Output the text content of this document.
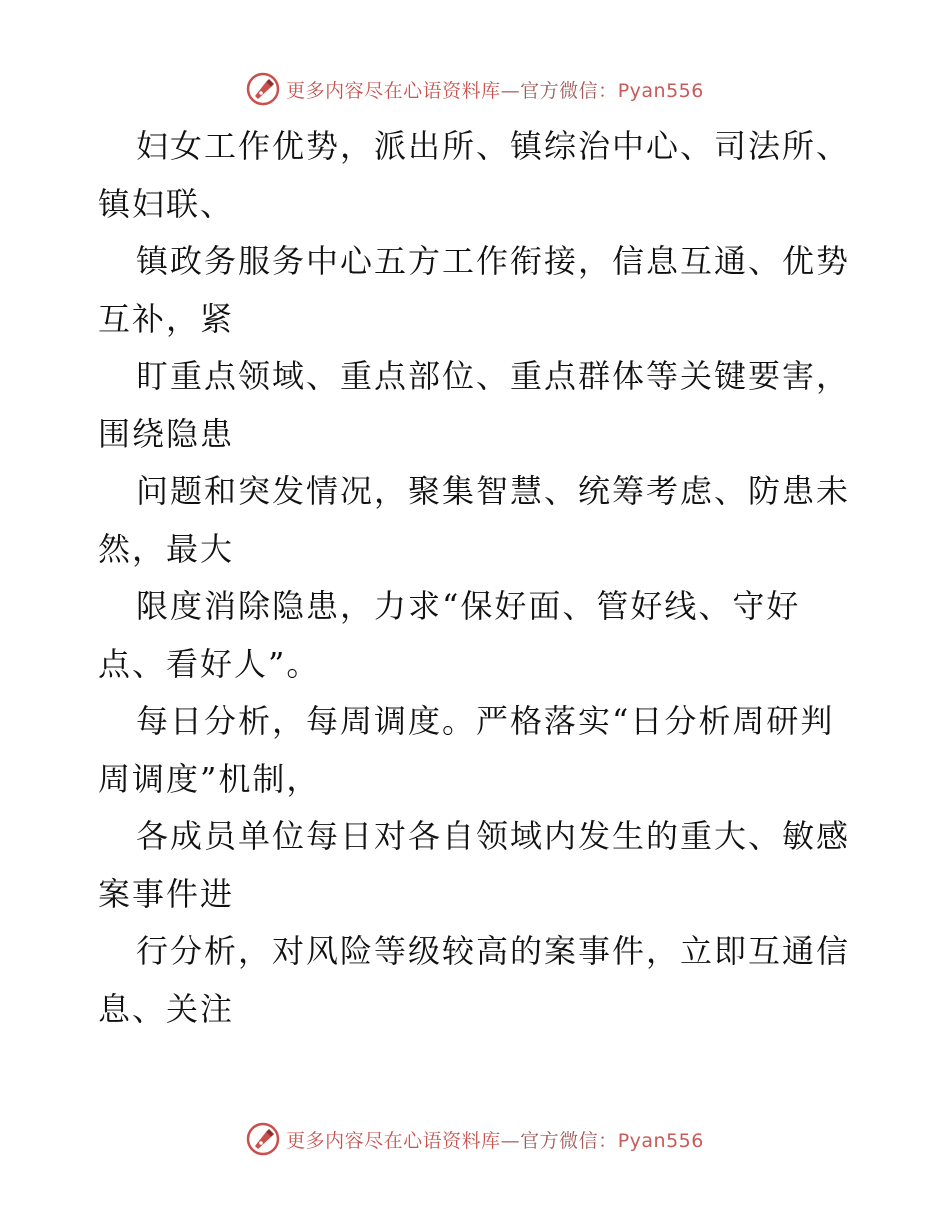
更多内容尽在心语资料库—官方微信：Pyan556
妇女工作优势，派出所、镇综治中心、司法所、
镇妇联、
镇政务服务中心五方工作衔接，信息互通、优势
互补，紧
盯重点领域、重点部位、重点群体等关键要害，
围绕隐患
问题和突发情况，聚集智慧、统筹考虑、防患未
然，最大
限度消除隐患，力求“保好面、管好线、守好
点、看好人”。
每日分析，每周调度。严格落实“日分析周研判
周调度”机制，
各成员单位每日对各自领域内发生的重大、敏感
案事件进
行分析，对风险等级较高的案事件，立即互通信
息、关注
更多内容尽在心语资料库—官方微信：Pyan556
